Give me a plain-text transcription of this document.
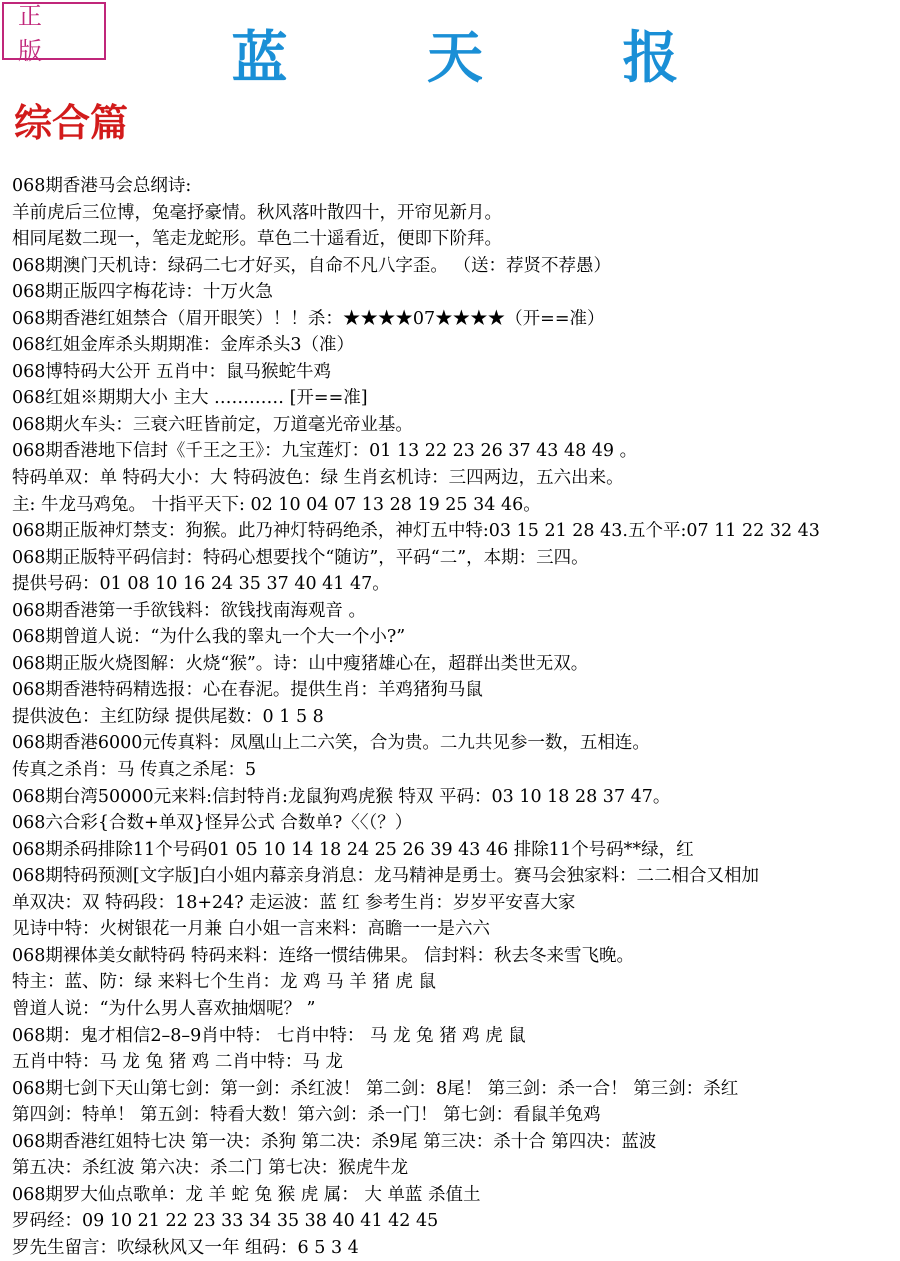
正 版	蓝 天 报
综合篇
068期香港马会总纲诗:
羊前虎后三位博，兔毫抒豪情。秋风落叶散四十，开帘见新月。
相同尾数二现一，笔走龙蛇形。草色二十遥看近，便即下阶拜。
068期澳门天机诗：绿码二七才好买，自命不凡八字歪。 （送：荐贤不荐愚）
068期正版四字梅花诗：十万火急
068期香港红姐禁合（眉开眼笑）！！杀：★★★★07★★★★（开==准）
068红姐金库杀头期期准：金库杀头3（准）
068博特码大公开 五肖中：鼠马猴蛇牛鸡
068红姐※期期大小 主大 ………… [开==准]
068期火车头：三衰六旺皆前定，万道毫光帝业基。
068期香港地下信封《千王之王》：九宝莲灯：01 13 22 23 26 37 43 48 49 。
特码单双：单 特码大小：大 特码波色：绿 生肖玄机诗：三四两边，五六出来。
主: 牛龙马鸡兔。 十指平天下: 02 10 04 07 13 28 19 25 34 46。
068期正版神灯禁支：狗猴。此乃神灯特码绝杀，神灯五中特:03 15 21 28 43.五个平:07 11 22 32 43
068期正版特平码信封：特码心想要找个“随访”，平码“二”，本期：三四。
提供号码：01 08 10 16 24 35 37 40 41 47。
068期香港第一手欲钱料：欲钱找南海观音 。
068期曾道人说：“为什么我的睾丸一个大一个小?”
068期正版火烧图解：火烧“猴”。诗：山中瘦猪雄心在，超群出类世无双。
068期香港特码精选报：心在春泥。提供生肖：羊鸡猪狗马鼠
提供波色：主红防绿 提供尾数：0 1 5 8
068期香港6000元传真料：凤凰山上二六笑，合为贵。二九共见参一数，五相连。
传真之杀肖：马 传真之杀尾：5
068期台湾50000元来料:信封特肖:龙鼠狗鸡虎猴 特双 平码：03 10 18 28 37 47。
068六合彩{合数+单双}怪异公式 合数单?〈〈（？）
068期杀码排除11个号码01 05 10 14 18 24 25 26 39 43 46 排除11个号码**绿，红
068期特码预测[文字版]白小姐内幕亲身消息：龙马精神是勇士。赛马会独家料：二二相合又相加
单双决：双 特码段：18+24? 走运波：蓝 红 参考生肖：岁岁平安喜大家
见诗中特：火树银花一月兼 白小姐一言来料：高瞻一一是六六
068期裸体美女献特码 特码来料：连络一惯结佛果。 信封料：秋去冬来雪飞晚。
特主：蓝、防：绿 来料七个生肖：龙 鸡 马 羊 猪 虎 鼠
曾道人说：“为什么男人喜欢抽烟呢？ ”
068期：鬼才相信2–8–9肖中特： 七肖中特： 马 龙 兔 猪 鸡 虎 鼠
五肖中特：马 龙 兔 猪 鸡 二肖中特：马 龙
068期七剑下天山第七剑：第一剑：杀红波！ 第二剑：8尾！ 第三剑：杀一合！ 第三剑：杀红
第四剑：特单！ 第五剑：特看大数！第六剑：杀一门！ 第七剑：看鼠羊兔鸡
068期香港红姐特七决 第一决：杀狗 第二决：杀9尾 第三决：杀十合 第四决：蓝波
第五决：杀红波 第六决：杀二门 第七决：猴虎牛龙
068期罗大仙点歌单：龙 羊 蛇 兔 猴 虎 属： 大 单蓝 杀值土
罗码经：09 10 21 22 23 33 34 35 38 40 41 42 45
罗先生留言：吹绿秋风又一年 组码：6 5 3 4
